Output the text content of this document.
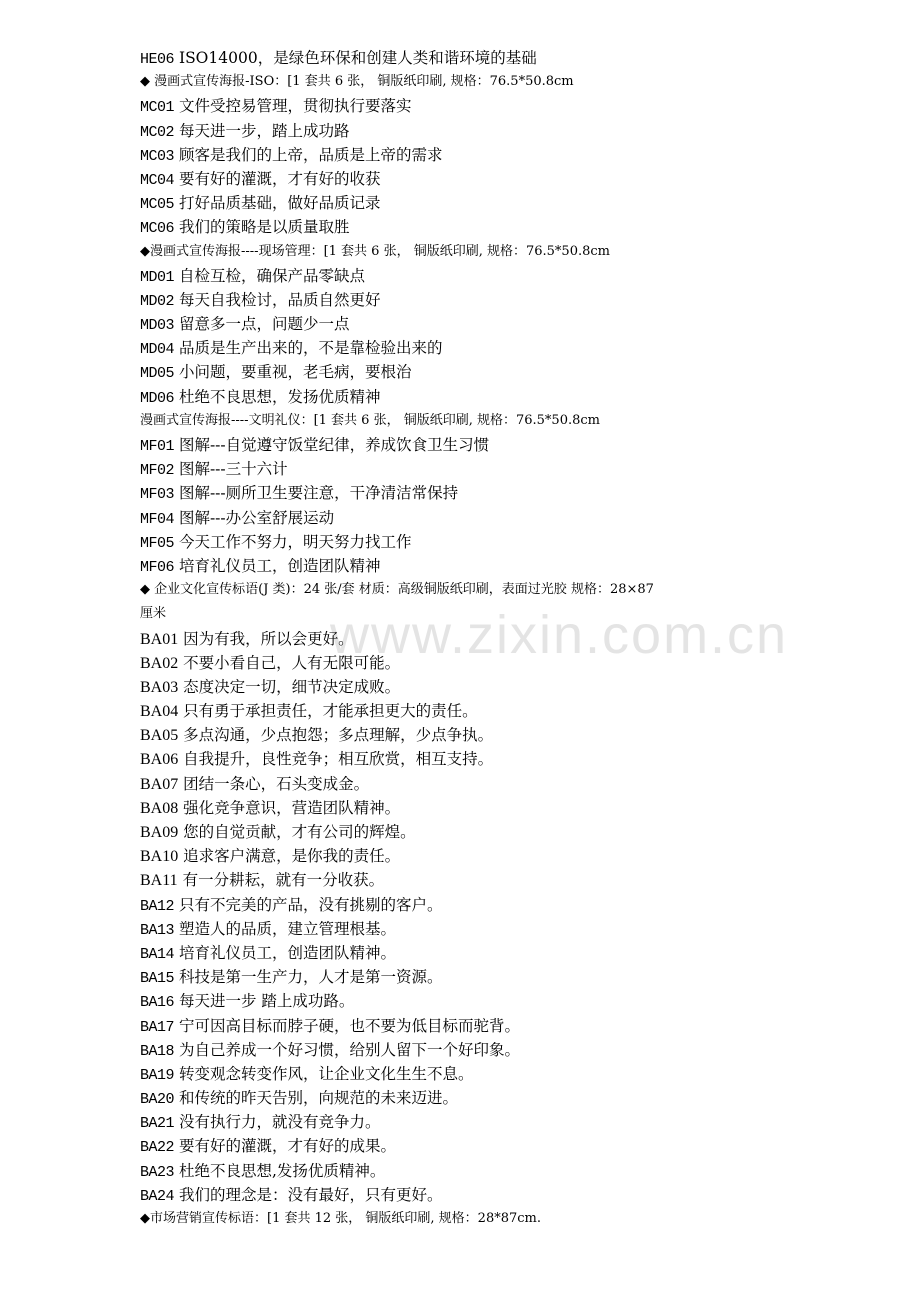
www.zixin.com.cn
HE06 ISO14000，是绿色环保和创建人类和谐环境的基础
◆ 漫画式宣传海报-ISO：[1 套共 6 张， 铜版纸印刷, 规格：76.5*50.8cm
MC01 文件受控易管理，贯彻执行要落实
MC02 每天进一步，踏上成功路
MC03 顾客是我们的上帝，品质是上帝的需求
MC04 要有好的灌溉，才有好的收获
MC05 打好品质基础，做好品质记录
MC06 我们的策略是以质量取胜
◆漫画式宣传海报----现场管理：[1 套共 6 张， 铜版纸印刷, 规格：76.5*50.8cm
MD01 自检互检，确保产品零缺点
MD02 每天自我检讨，品质自然更好
MD03 留意多一点，问题少一点
MD04 品质是生产出来的，不是靠检验出来的
MD05 小问题，要重视，老毛病，要根治
MD06 杜绝不良思想，发扬优质精神
漫画式宣传海报----文明礼仪：[1 套共 6 张， 铜版纸印刷, 规格：76.5*50.8cm
MF01 图解---自觉遵守饭堂纪律，养成饮食卫生习惯
MF02 图解---三十六计
MF03 图解---厕所卫生要注意，干净清洁常保持
MF04 图解---办公室舒展运动
MF05 今天工作不努力，明天努力找工作
MF06 培育礼仪员工，创造团队精神
◆ 企业文化宣传标语(J 类)：24 张/套 材质：高级铜版纸印刷，表面过光胶 规格：28×87
厘米
BA01 因为有我，所以会更好。
BA02 不要小看自己，人有无限可能。
BA03 态度决定一切，细节决定成败。
BA04 只有勇于承担责任，才能承担更大的责任。
BA05 多点沟通，少点抱怨；多点理解，少点争执。
BA06 自我提升，良性竞争；相互欣赏，相互支持。
BA07 团结一条心，石头变成金。
BA08 强化竞争意识，营造团队精神。
BA09 您的自觉贡献，才有公司的辉煌。
BA10 追求客户满意，是你我的责任。
BA11 有一分耕耘，就有一分收获。
BA12 只有不完美的产品，没有挑剔的客户。
BA13 塑造人的品质，建立管理根基。
BA14 培育礼仪员工，创造团队精神。
BA15 科技是第一生产力，人才是第一资源。
BA16 每天进一步 踏上成功路。
BA17 宁可因高目标而脖子硬，也不要为低目标而驼背。
BA18 为自己养成一个好习惯，给别人留下一个好印象。
BA19 转变观念转变作风，让企业文化生生不息。
BA20 和传统的昨天告别，向规范的未来迈进。
BA21 没有执行力，就没有竞争力。
BA22 要有好的灌溉，才有好的成果。
BA23 杜绝不良思想,发扬优质精神。
BA24 我们的理念是：没有最好，只有更好。
◆市场营销宣传标语：[1 套共 12 张， 铜版纸印刷, 规格：28*87cm.
